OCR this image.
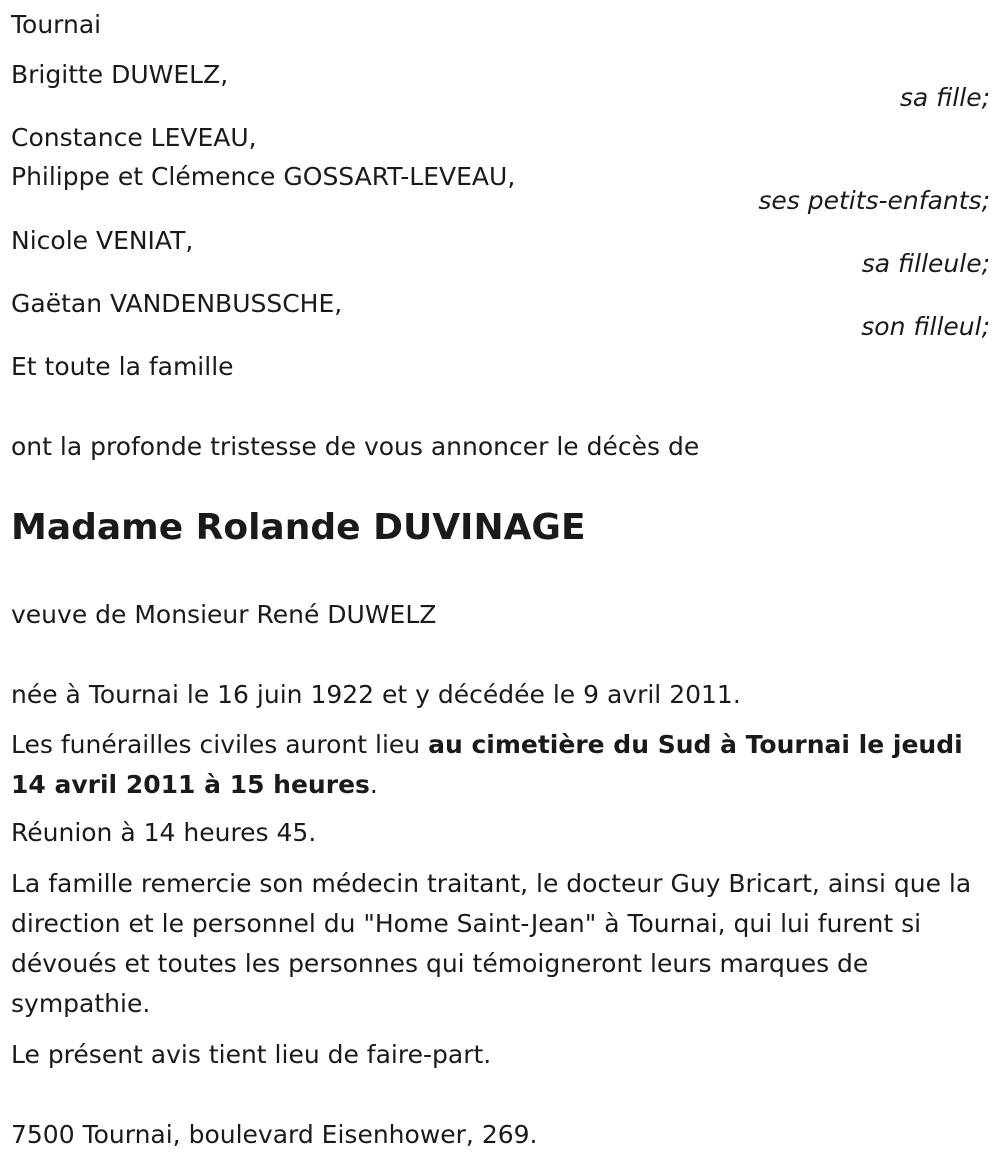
Tournai
Brigitte DUWELZ,
sa fille;
Constance LEVEAU,
Philippe et Clémence GOSSART-LEVEAU,
ses petits-enfants;
Nicole VENIAT,
sa filleule;
Gaëtan VANDENBUSSCHE,
son filleul;
Et toute la famille
ont la profonde tristesse de vous annoncer le décès de
Madame Rolande DUVINAGE
veuve de Monsieur René DUWELZ
née à Tournai le 16 juin 1922 et y décédée le 9 avril 2011.
Les funérailles civiles auront lieu au cimetière du Sud à Tournai le jeudi 14 avril 2011 à 15 heures.
Réunion à 14 heures 45.
La famille remercie son médecin traitant, le docteur Guy Bricart, ainsi que la direction et le personnel du "Home Saint-Jean" à Tournai, qui lui furent si dévoués et toutes les personnes qui témoigneront leurs marques de sympathie.
Le présent avis tient lieu de faire-part.
7500 Tournai, boulevard Eisenhower, 269.
